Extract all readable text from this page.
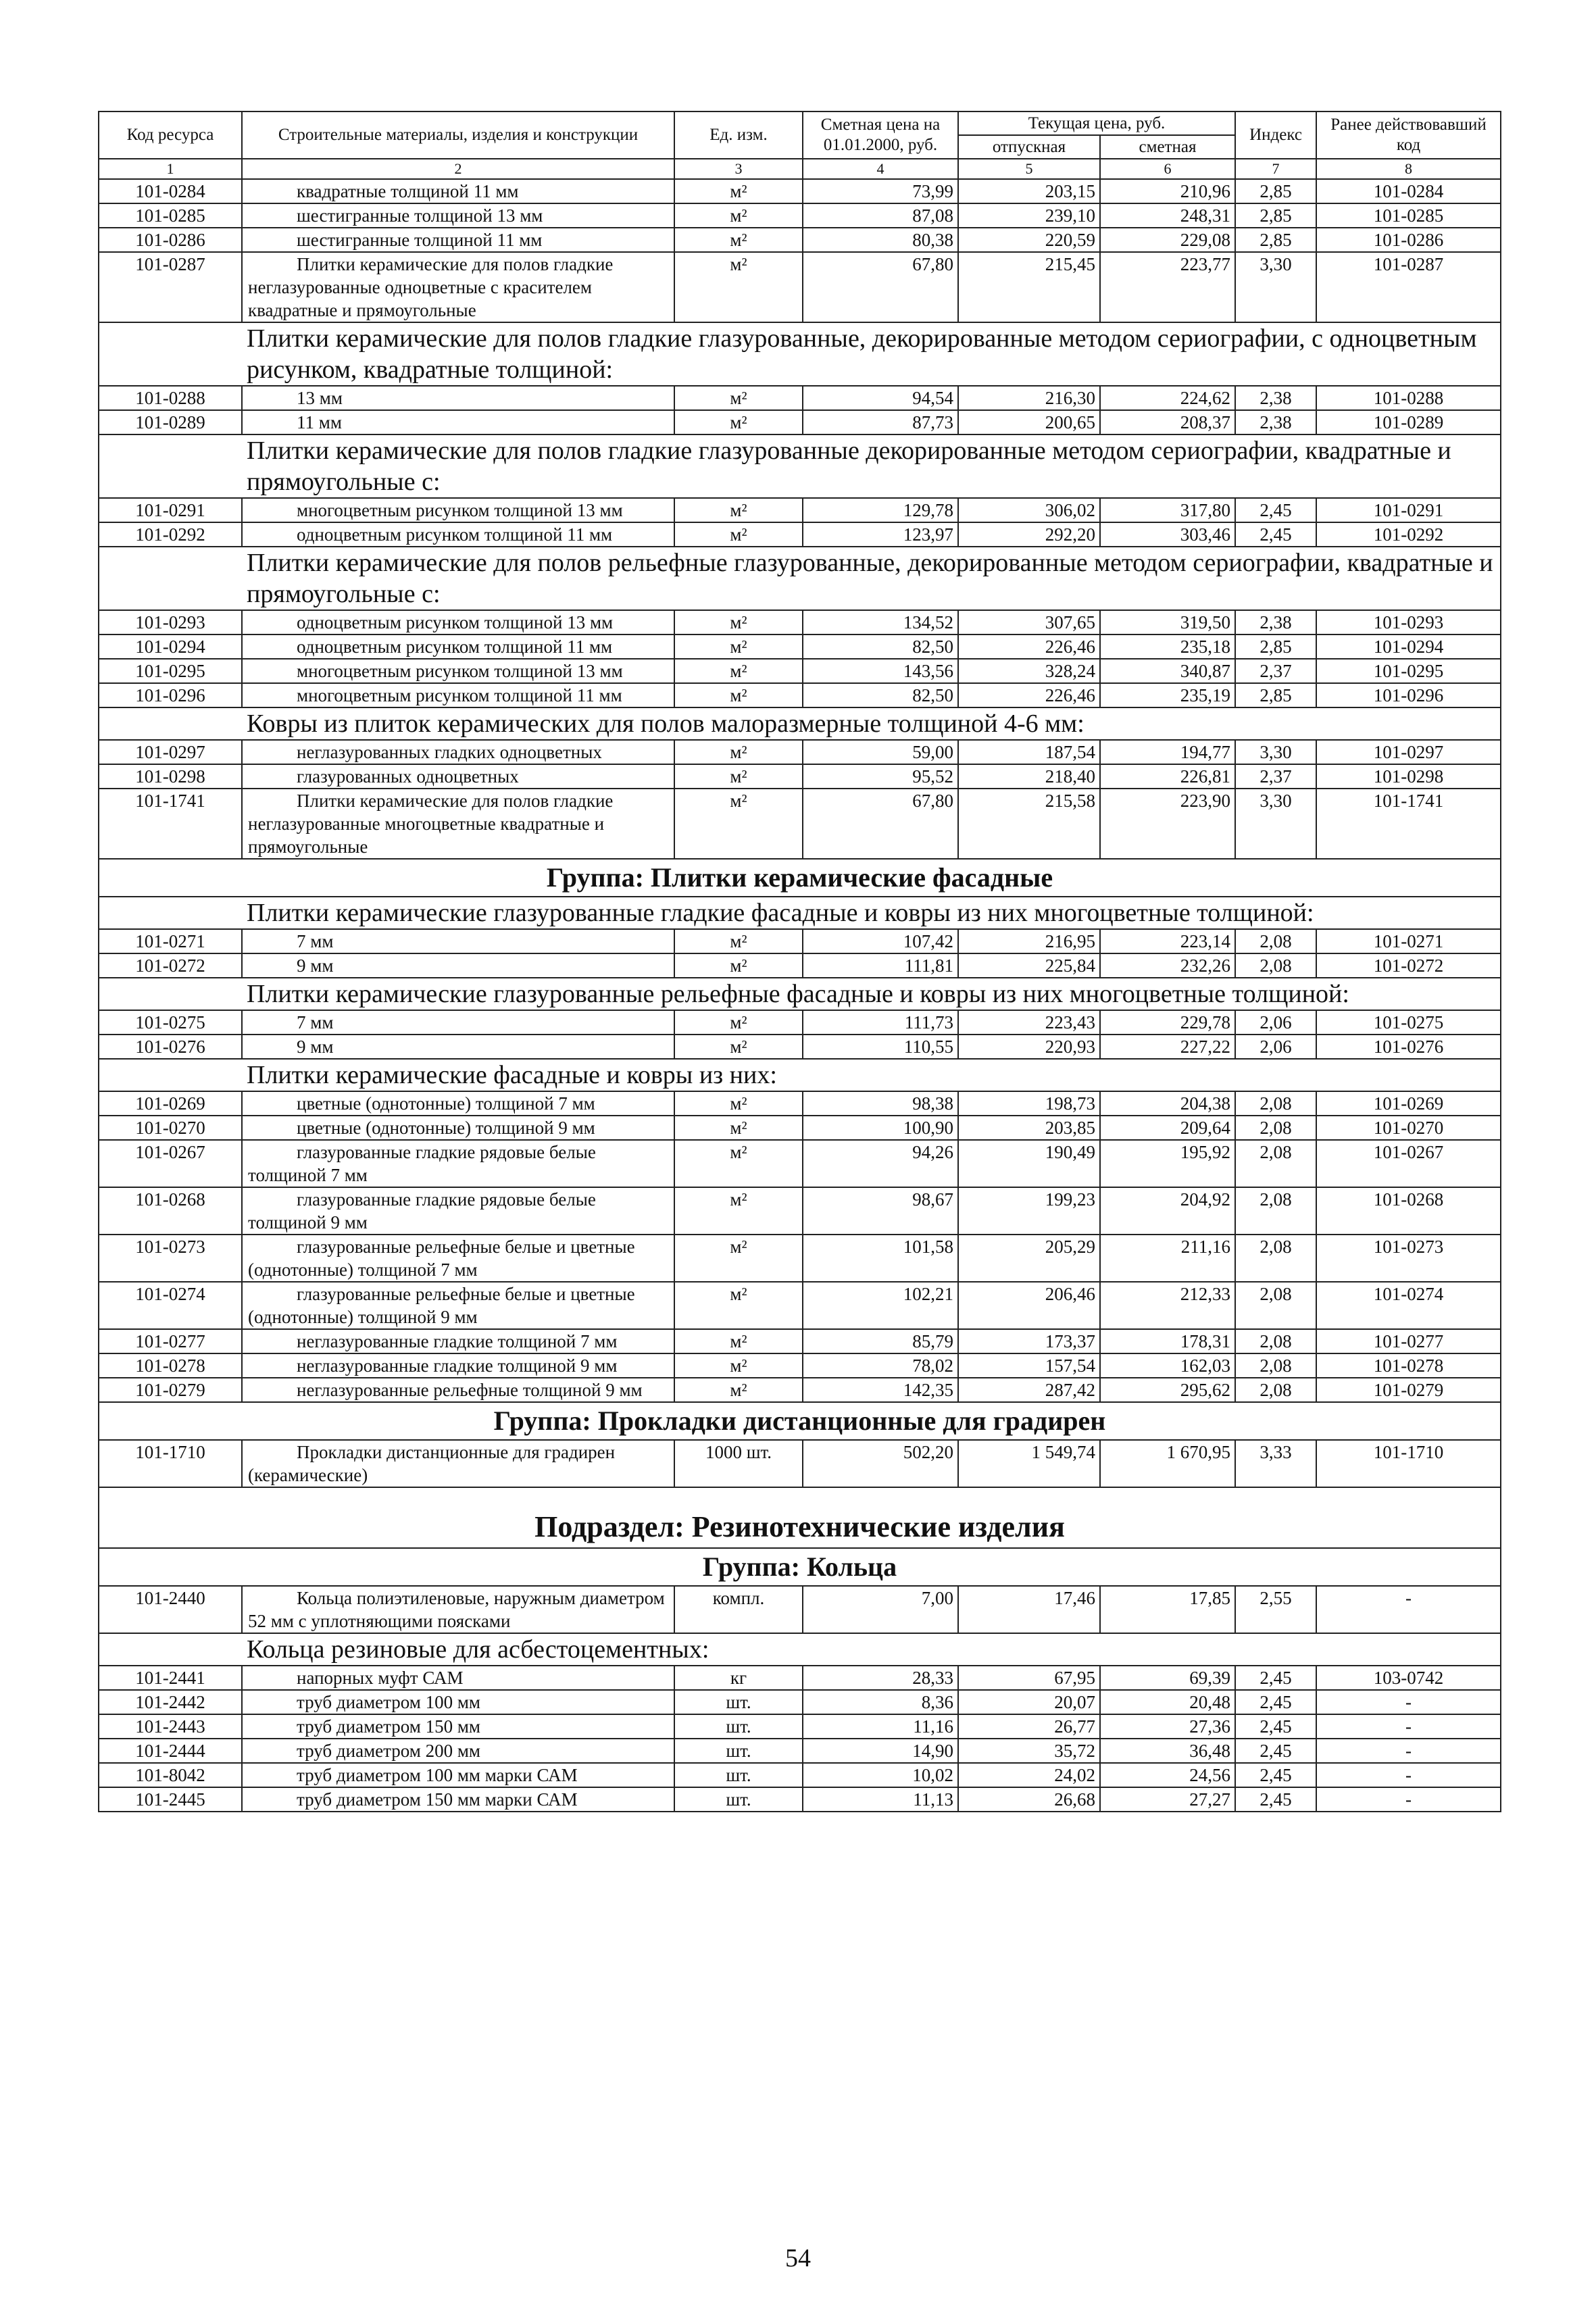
Код ресурса	Строительные материалы, изделия и конструкции	Ед. изм.	Сметная цена на 01.01.2000, руб.	Текущая цена, руб.		Индекс	Ранее действовавший код
				отпускная	сметная		
1	2	3	4	5	6	7	8
101-0284	квадратные толщиной 11 мм	м²	73,99	203,15	210,96	2,85	101-0284
101-0285	шестигранные толщиной 13 мм	м²	87,08	239,10	248,31	2,85	101-0285
101-0286	шестигранные толщиной 11 мм	м²	80,38	220,59	229,08	2,85	101-0286
101-0287	Плитки керамические для полов гладкие неглазурованные одноцветные с красителем квадратные и прямоугольные	м²	67,80	215,45	223,77	3,30	101-0287
Плитки керамические для полов гладкие глазурованные, декорированные методом сериографии, с одноцветным рисунком, квадратные толщиной:							
101-0288	13 мм	м²	94,54	216,30	224,62	2,38	101-0288
101-0289	11 мм	м²	87,73	200,65	208,37	2,38	101-0289
Плитки керамические для полов гладкие глазурованные декорированные методом сериографии, квадратные и прямоугольные с:							
101-0291	многоцветным рисунком толщиной 13 мм	м²	129,78	306,02	317,80	2,45	101-0291
101-0292	одноцветным рисунком толщиной 11 мм	м²	123,97	292,20	303,46	2,45	101-0292
Плитки керамические для полов рельефные глазурованные, декорированные методом сериографии, квадратные и прямоугольные с:							
101-0293	одноцветным рисунком толщиной 13 мм	м²	134,52	307,65	319,50	2,38	101-0293
101-0294	одноцветным рисунком толщиной 11 мм	м²	82,50	226,46	235,18	2,85	101-0294
101-0295	многоцветным рисунком толщиной 13 мм	м²	143,56	328,24	340,87	2,37	101-0295
101-0296	многоцветным рисунком толщиной 11 мм	м²	82,50	226,46	235,19	2,85	101-0296
Ковры из плиток керамических для полов малоразмерные толщиной 4-6 мм:							
101-0297	неглазурованных гладких одноцветных	м²	59,00	187,54	194,77	3,30	101-0297
101-0298	глазурованных одноцветных	м²	95,52	218,40	226,81	2,37	101-0298
101-1741	Плитки керамические для полов гладкие неглазурованные многоцветные квадратные и прямоугольные	м²	67,80	215,58	223,90	3,30	101-1741
Группа: Плитки керамические фасадные							
Плитки керамические глазурованные гладкие фасадные и ковры из них многоцветные толщиной:							
101-0271	7 мм	м²	107,42	216,95	223,14	2,08	101-0271
101-0272	9 мм	м²	111,81	225,84	232,26	2,08	101-0272
Плитки керамические глазурованные рельефные фасадные и ковры из них многоцветные толщиной:							
101-0275	7 мм	м²	111,73	223,43	229,78	2,06	101-0275
101-0276	9 мм	м²	110,55	220,93	227,22	2,06	101-0276
Плитки керамические фасадные и ковры из них:							
101-0269	цветные (однотонные) толщиной 7 мм	м²	98,38	198,73	204,38	2,08	101-0269
101-0270	цветные (однотонные) толщиной 9 мм	м²	100,90	203,85	209,64	2,08	101-0270
101-0267	глазурованные гладкие рядовые белые толщиной 7 мм	м²	94,26	190,49	195,92	2,08	101-0267
101-0268	глазурованные гладкие рядовые белые толщиной 9 мм	м²	98,67	199,23	204,92	2,08	101-0268
101-0273	глазурованные рельефные белые и цветные (однотонные) толщиной 7 мм	м²	101,58	205,29	211,16	2,08	101-0273
101-0274	глазурованные рельефные белые и цветные (однотонные) толщиной 9 мм	м²	102,21	206,46	212,33	2,08	101-0274
101-0277	неглазурованные гладкие толщиной 7 мм	м²	85,79	173,37	178,31	2,08	101-0277
101-0278	неглазурованные гладкие толщиной 9 мм	м²	78,02	157,54	162,03	2,08	101-0278
101-0279	неглазурованные рельефные толщиной 9 мм	м²	142,35	287,42	295,62	2,08	101-0279
Группа: Прокладки дистанционные для градирен							
101-1710	Прокладки дистанционные для градирен (керамические)	1000 шт.	502,20	1 549,74	1 670,95	3,33	101-1710
Подраздел: Резинотехнические изделия							
Группа: Кольца							
101-2440	Кольца полиэтиленовые, наружным диаметром 52 мм с уплотняющими поясками	компл.	7,00	17,46	17,85	2,55	-
Кольца резиновые для асбестоцементных:							
101-2441	напорных муфт САМ	кг	28,33	67,95	69,39	2,45	103-0742
101-2442	труб диаметром 100 мм	шт.	8,36	20,07	20,48	2,45	-
101-2443	труб диаметром 150 мм	шт.	11,16	26,77	27,36	2,45	-
101-2444	труб диаметром 200 мм	шт.	14,90	35,72	36,48	2,45	-
101-8042	труб диаметром 100 мм марки САМ	шт.	10,02	24,02	24,56	2,45	-
101-2445	труб диаметром 150 мм марки САМ	шт.	11,13	26,68	27,27	2,45	-
54
